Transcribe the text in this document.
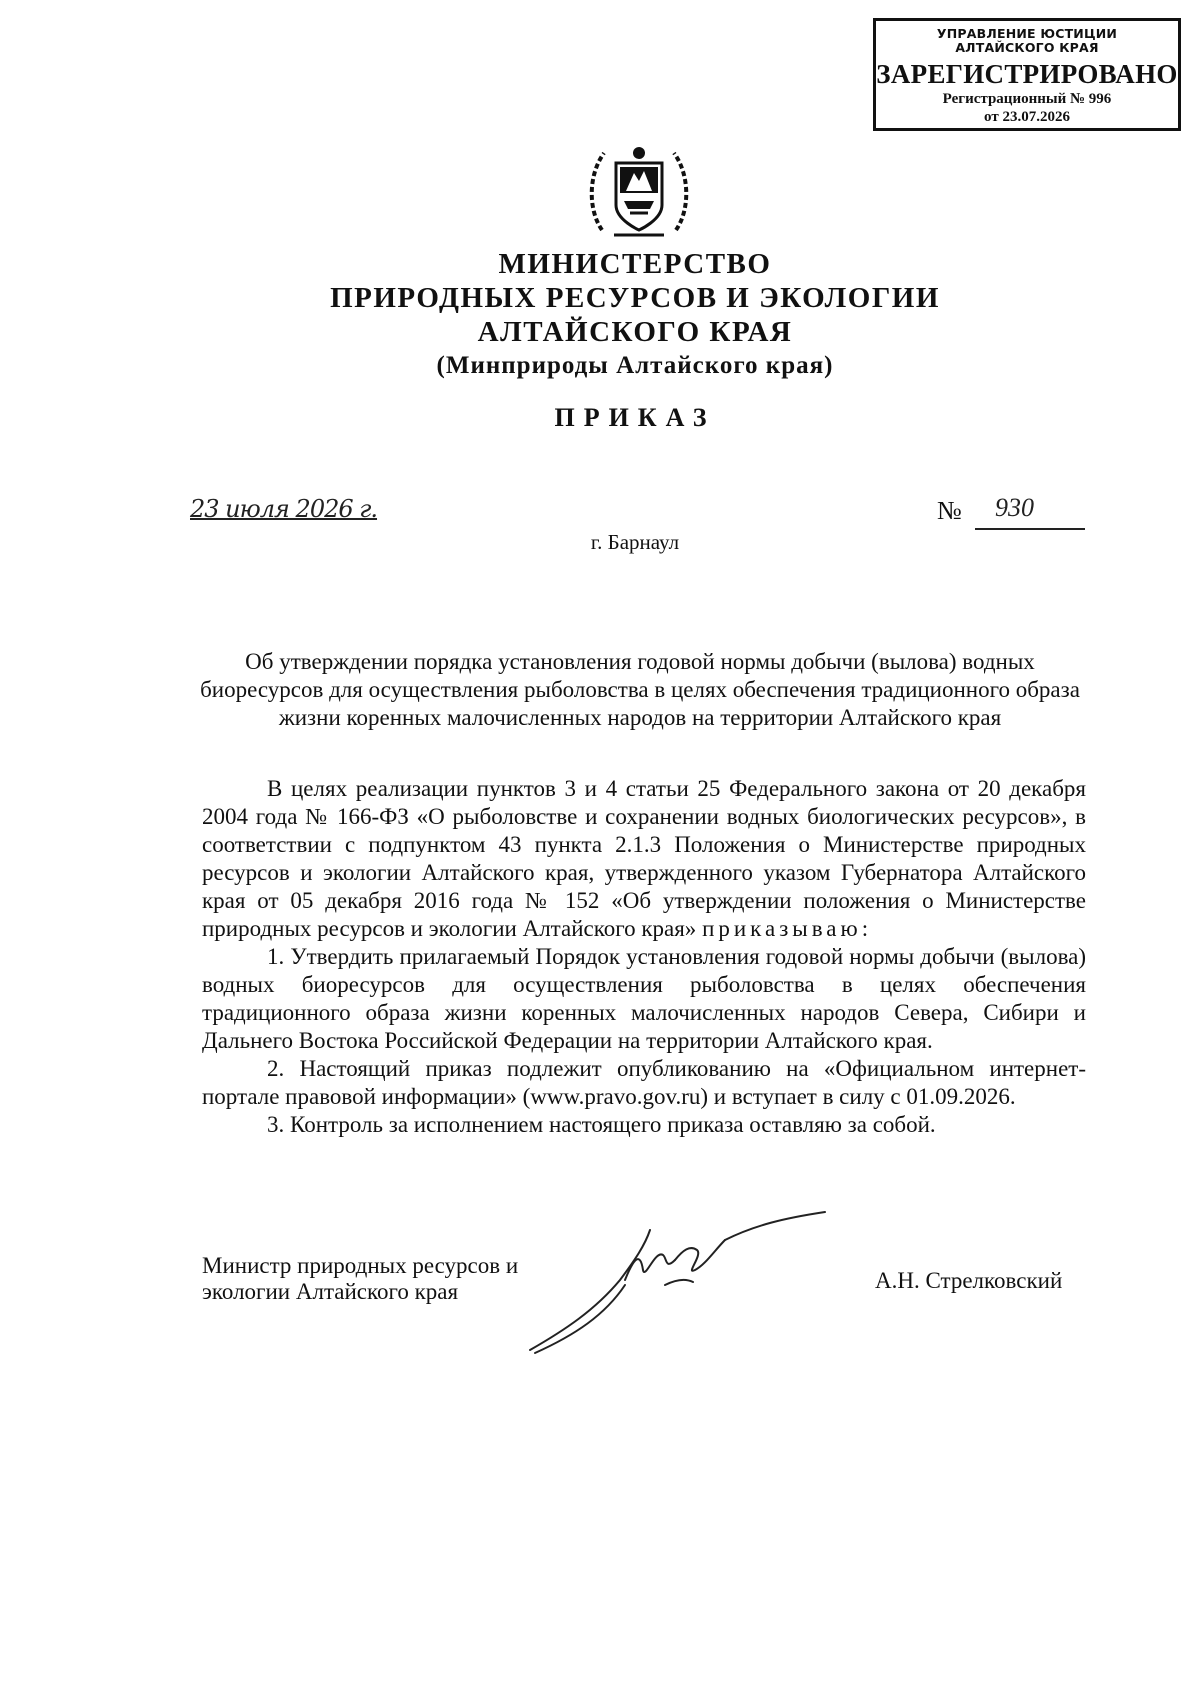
УПРАВЛЕНИЕ ЮСТИЦИИ
АЛТАЙСКОГО КРАЯ
ЗАРЕГИСТРИРОВАНО
Регистрационный № 996
от 23.07.2026
МИНИСТЕРСТВО
ПРИРОДНЫХ РЕСУРСОВ И ЭКОЛОГИИ
АЛТАЙСКОГО КРАЯ
(Минприроды Алтайского края)
ПРИКАЗ
23 июля 2026 г.	№ 930
г. Барнаул
Об утверждении порядка установления годовой нормы добычи (вылова) водных биоресурсов для осуществления рыболовства в целях обеспечения традиционного образа жизни коренных малочисленных народов на территории Алтайского края

В целях реализации пунктов 3 и 4 статьи 25 Федерального закона от 20 декабря 2004 года № 166-ФЗ «О рыболовстве и сохранении водных биологических ресурсов», в соответствии с подпунктом 43 пункта 2.1.3 Положения о Министерстве природных ресурсов и экологии Алтайского края, утвержденного указом Губернатора Алтайского края от 05 декабря 2016 года № 152 «Об утверждении положения о Министерстве природных ресурсов и экологии Алтайского края» приказываю:

1. Утвердить прилагаемый Порядок установления годовой нормы добычи (вылова) водных биоресурсов для осуществления рыболовства в целях обеспечения традиционного образа жизни коренных малочисленных народов Севера, Сибири и Дальнего Востока Российской Федерации на территории Алтайского края.

2. Настоящий приказ подлежит опубликованию на «Официальном интернет-портале правовой информации» (www.pravo.gov.ru) и вступает в силу с 01.09.2026.

3. Контроль за исполнением настоящего приказа оставляю за собой.

Министр природных ресурсов и
экологии Алтайского края	А.Н. Стрелковский
